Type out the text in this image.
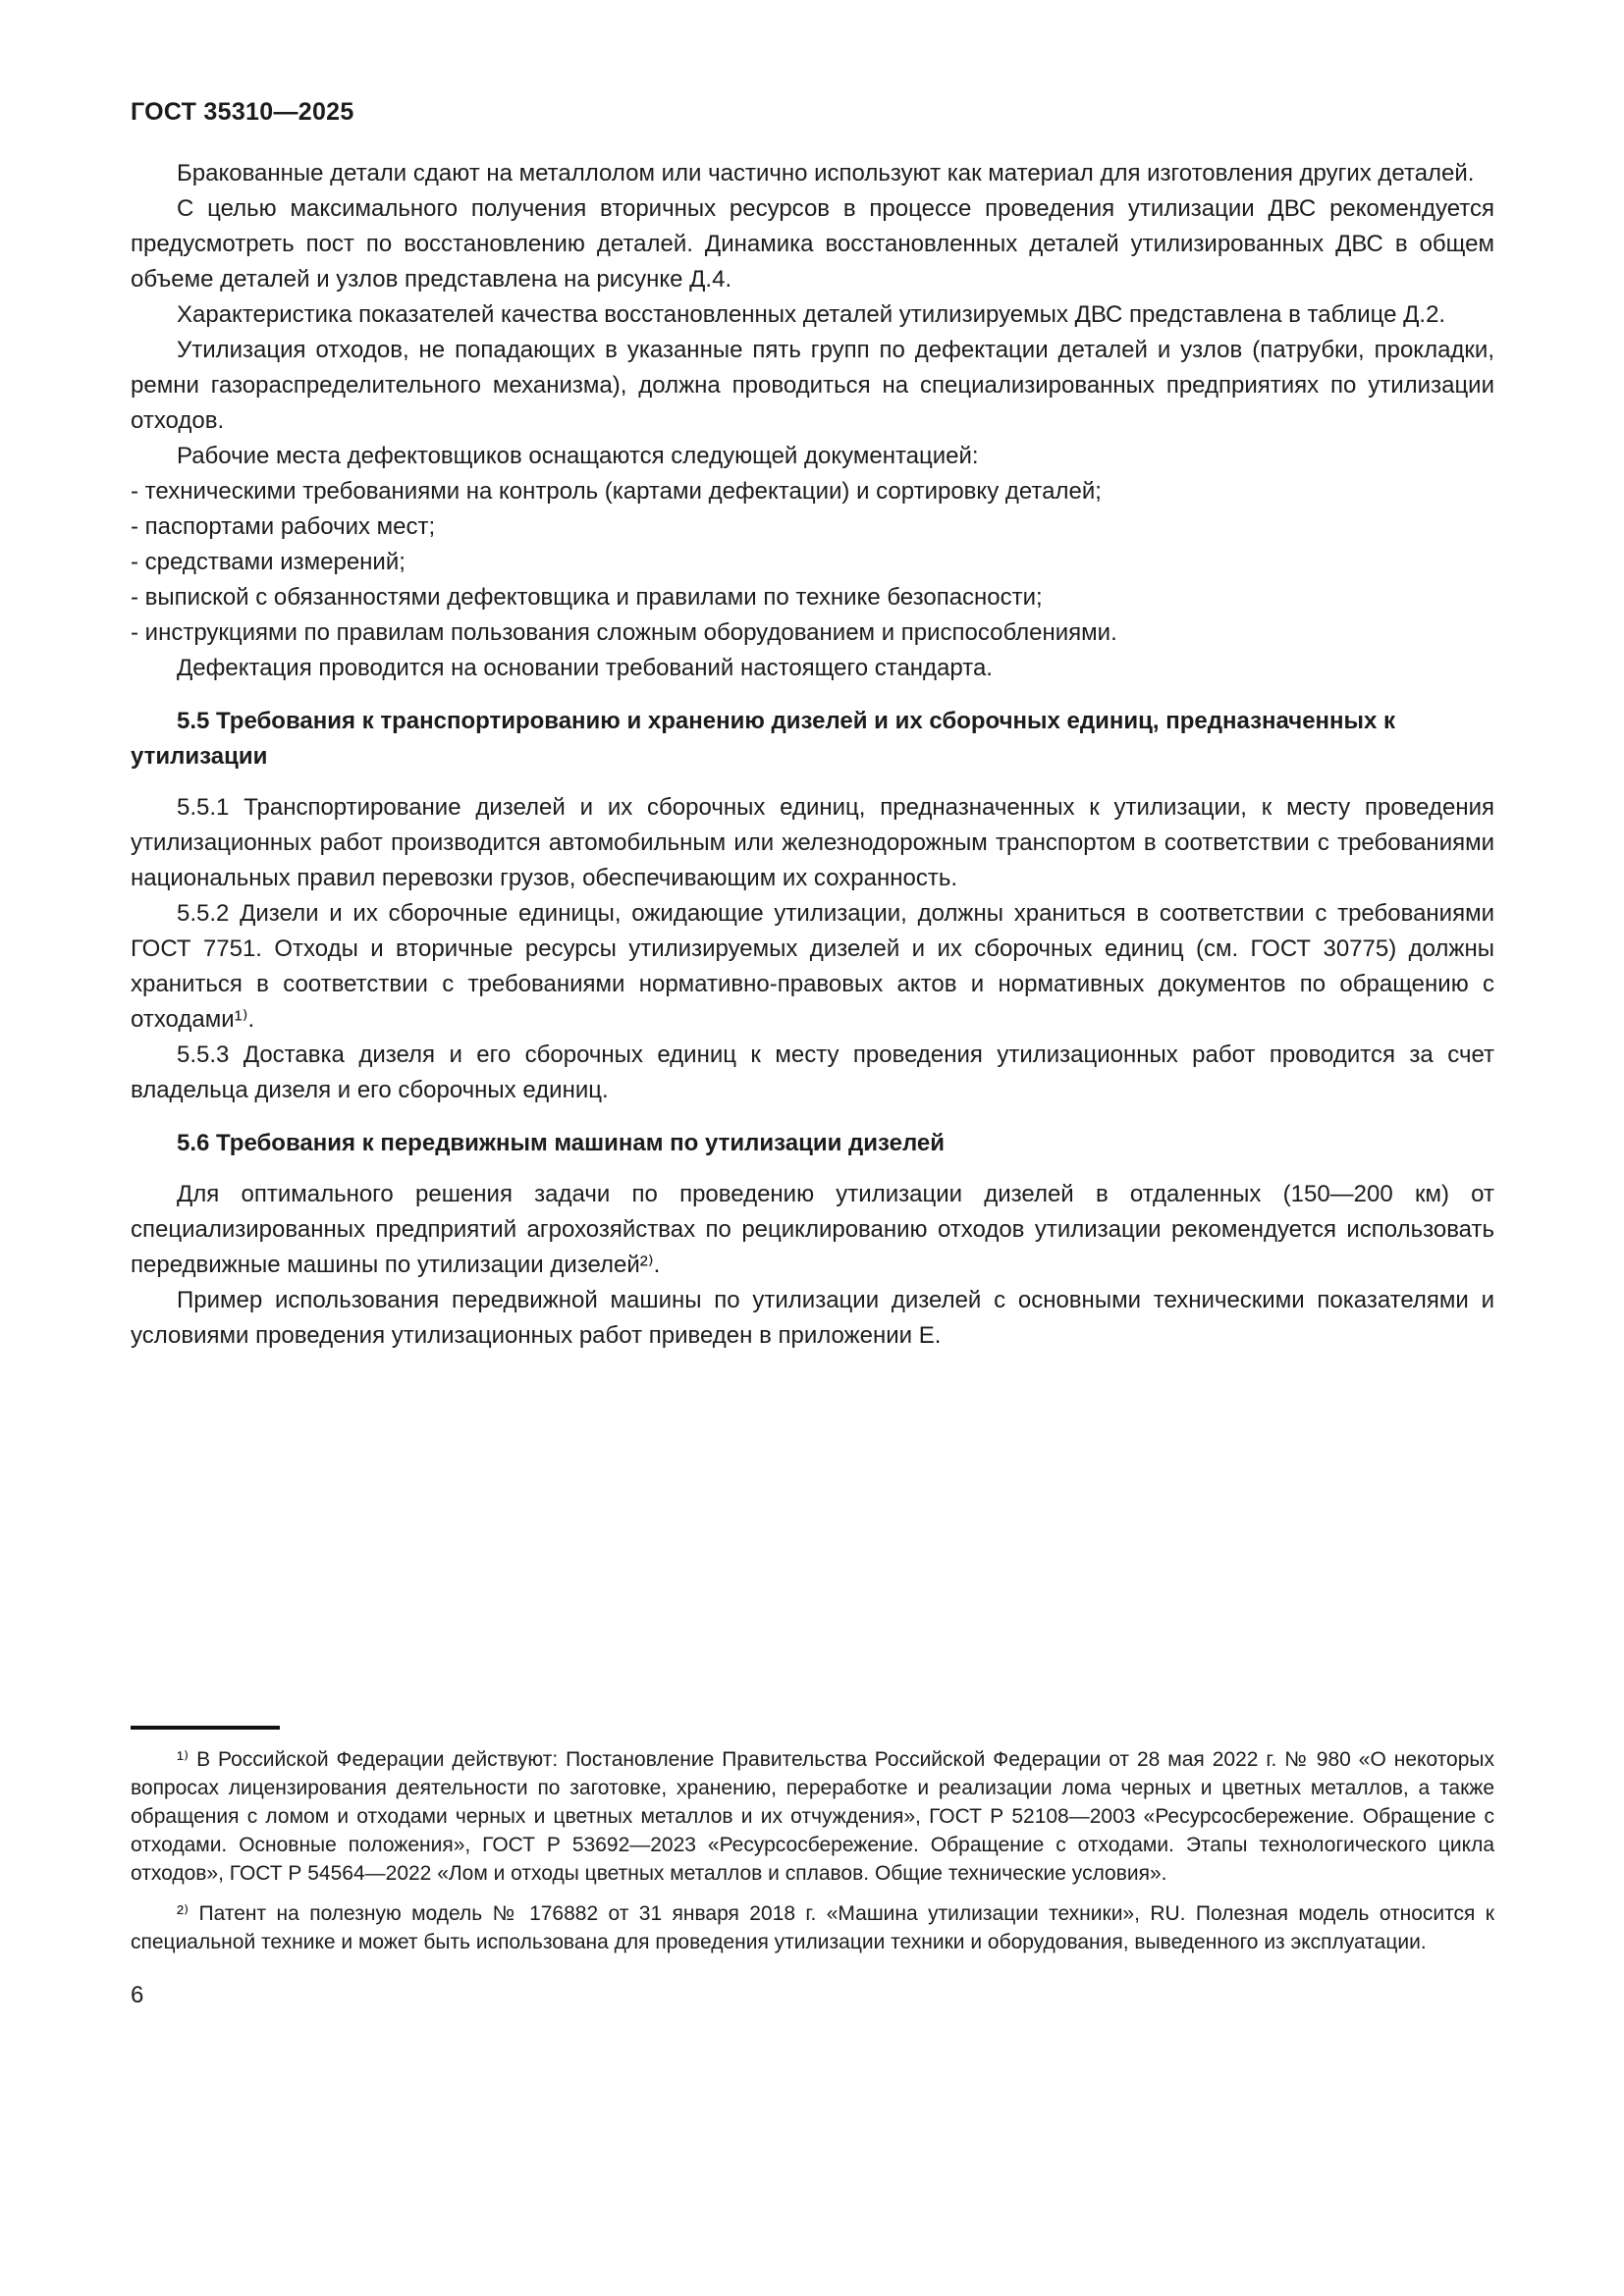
ГОСТ 35310—2025
Бракованные детали сдают на металлолом или частично используют как материал для изготовления других деталей.
С целью максимального получения вторичных ресурсов в процессе проведения утилизации ДВС рекомендуется предусмотреть пост по восстановлению деталей. Динамика восстановленных деталей утилизированных ДВС в общем объеме деталей и узлов представлена на рисунке Д.4.
Характеристика показателей качества восстановленных деталей утилизируемых ДВС представлена в таблице Д.2.
Утилизация отходов, не попадающих в указанные пять групп по дефектации деталей и узлов (патрубки, прокладки, ремни газораспределительного механизма), должна проводиться на специализированных предприятиях по утилизации отходов.
Рабочие места дефектовщиков оснащаются следующей документацией:
- техническими требованиями на контроль (картами дефектации) и сортировку деталей;
- паспортами рабочих мест;
- средствами измерений;
- выпиской с обязанностями дефектовщика и правилами по технике безопасности;
- инструкциями по правилам пользования сложным оборудованием и приспособлениями.
Дефектация проводится на основании требований настоящего стандарта.
5.5 Требования к транспортированию и хранению дизелей и их сборочных единиц, предназначенных к утилизации
5.5.1 Транспортирование дизелей и их сборочных единиц, предназначенных к утилизации, к месту проведения утилизационных работ производится автомобильным или железнодорожным транспортом в соответствии с требованиями национальных правил перевозки грузов, обеспечивающим их сохранность.
5.5.2 Дизели и их сборочные единицы, ожидающие утилизации, должны храниться в соответствии с требованиями ГОСТ 7751. Отходы и вторичные ресурсы утилизируемых дизелей и их сборочных единиц (см. ГОСТ 30775) должны храниться в соответствии с требованиями нормативно-правовых актов и нормативных документов по обращению с отходами¹⁾.
5.5.3 Доставка дизеля и его сборочных единиц к месту проведения утилизационных работ проводится за счет владельца дизеля и его сборочных единиц.
5.6 Требования к передвижным машинам по утилизации дизелей
Для оптимального решения задачи по проведению утилизации дизелей в отдаленных (150—200 км) от специализированных предприятий агрохозяйствах по рециклированию отходов утилизации рекомендуется использовать передвижные машины по утилизации дизелей²⁾.
Пример использования передвижной машины по утилизации дизелей с основными техническими показателями и условиями проведения утилизационных работ приведен в приложении Е.
¹⁾ В Российской Федерации действуют: Постановление Правительства Российской Федерации от 28 мая 2022 г. № 980 «О некоторых вопросах лицензирования деятельности по заготовке, хранению, переработке и реализации лома черных и цветных металлов, а также обращения с ломом и отходами черных и цветных металлов и их отчуждения», ГОСТ Р 52108—2003 «Ресурсосбережение. Обращение с отходами. Основные положения», ГОСТ Р 53692—2023 «Ресурсосбережение. Обращение с отходами. Этапы технологического цикла отходов», ГОСТ Р 54564—2022 «Лом и отходы цветных металлов и сплавов. Общие технические условия».
²⁾ Патент на полезную модель № 176882 от 31 января 2018 г. «Машина утилизации техники», RU. Полезная модель относится к специальной технике и может быть использована для проведения утилизации техники и оборудования, выведенного из эксплуатации.
6
